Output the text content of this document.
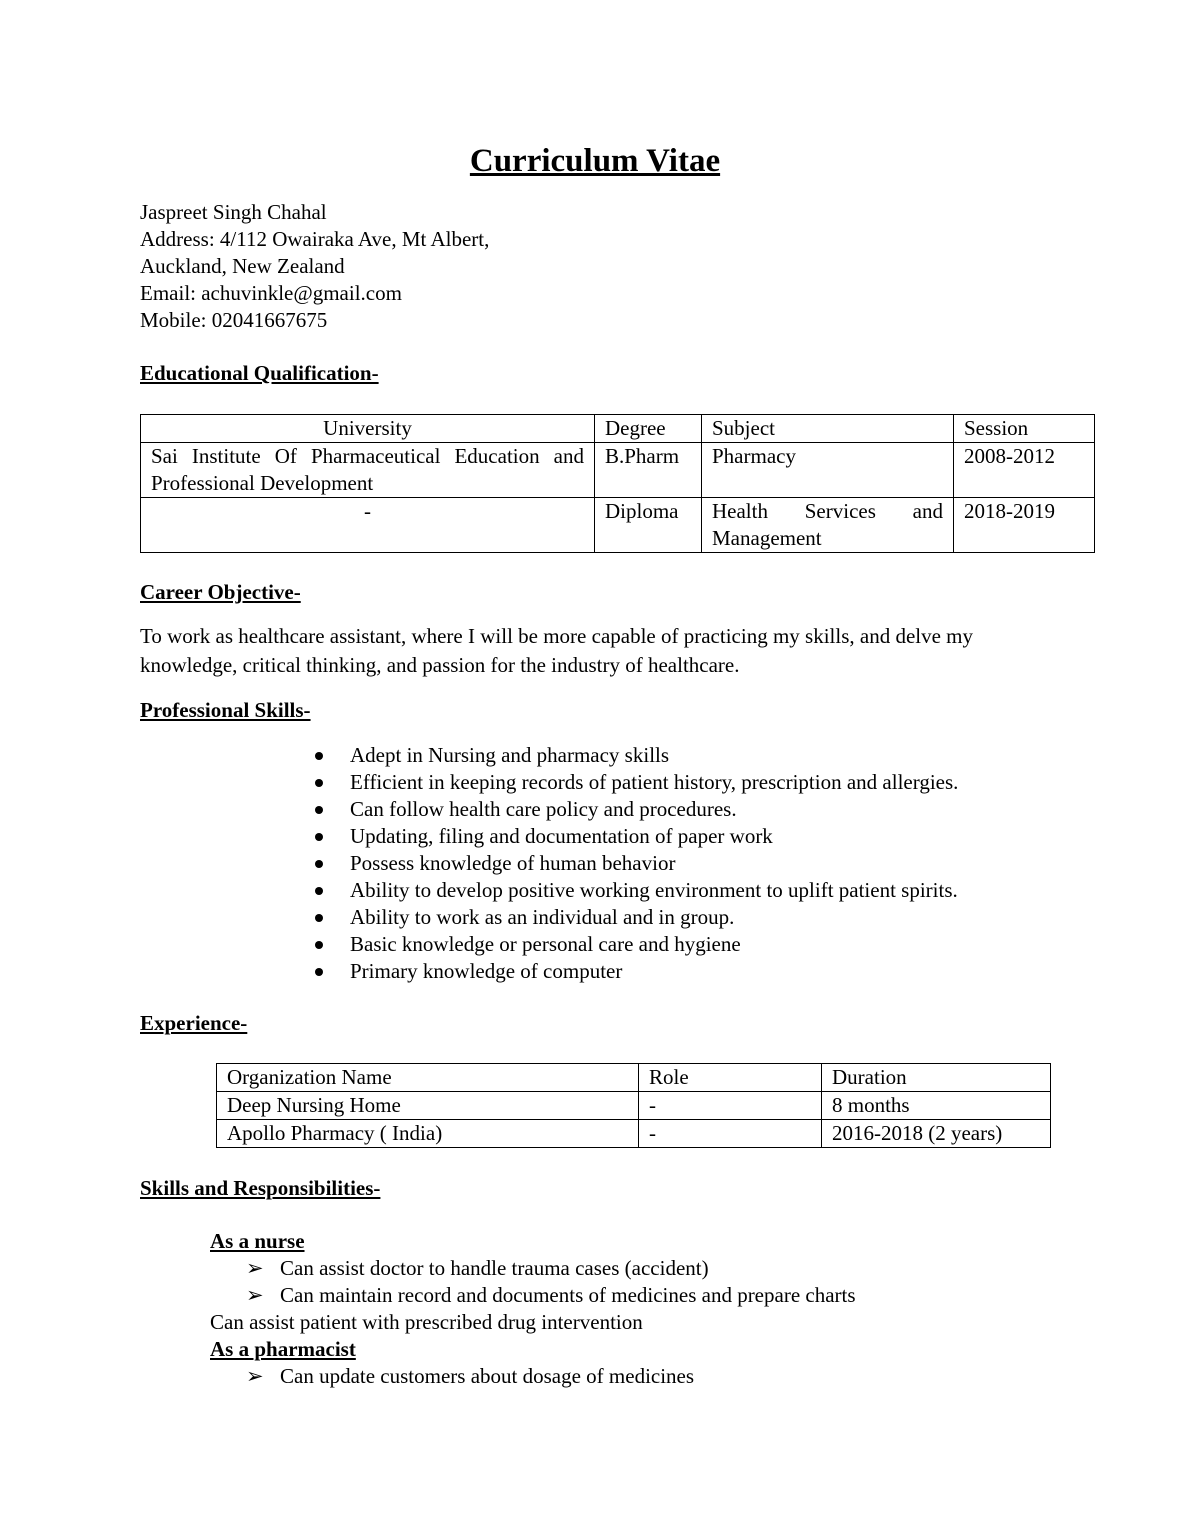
Curriculum Vitae
Jaspreet Singh Chahal
Address: 4/112 Owairaka Ave, Mt Albert,
Auckland, New Zealand
Email: achuvinkle@gmail.com
Mobile: 02041667675
Educational Qualification-
University	Degree	Subject	Session
Sai Institute Of Pharmaceutical Education and Professional Development	B.Pharm	Pharmacy	2008-2012
-	Diploma	Health Services and Management	2018-2019
Career Objective-

To work as healthcare assistant, where I will be more capable of practicing my skills, and delve my knowledge, critical thinking, and passion for the industry of healthcare.

Professional Skills-
Adept in Nursing and pharmacy skills
Efficient in keeping records of patient history, prescription and allergies.
Can follow health care policy and procedures.
Updating, filing and documentation of paper work
Possess knowledge of human behavior
Ability to develop positive working environment to uplift patient spirits.
Ability to work as an individual and in group.
Basic knowledge or personal care and hygiene
Primary knowledge of computer
Experience-
Organization Name	Role	Duration
Deep Nursing Home	-	8 months
Apollo Pharmacy ( India)	-	2016-2018 (2 years)
Skills and Responsibilities-
As a nurse
➢ Can assist doctor to handle trauma cases (accident)
➢ Can maintain record and documents of medicines and prepare charts
Can assist patient with prescribed drug intervention
As a pharmacist
➢ Can update customers about dosage of medicines
